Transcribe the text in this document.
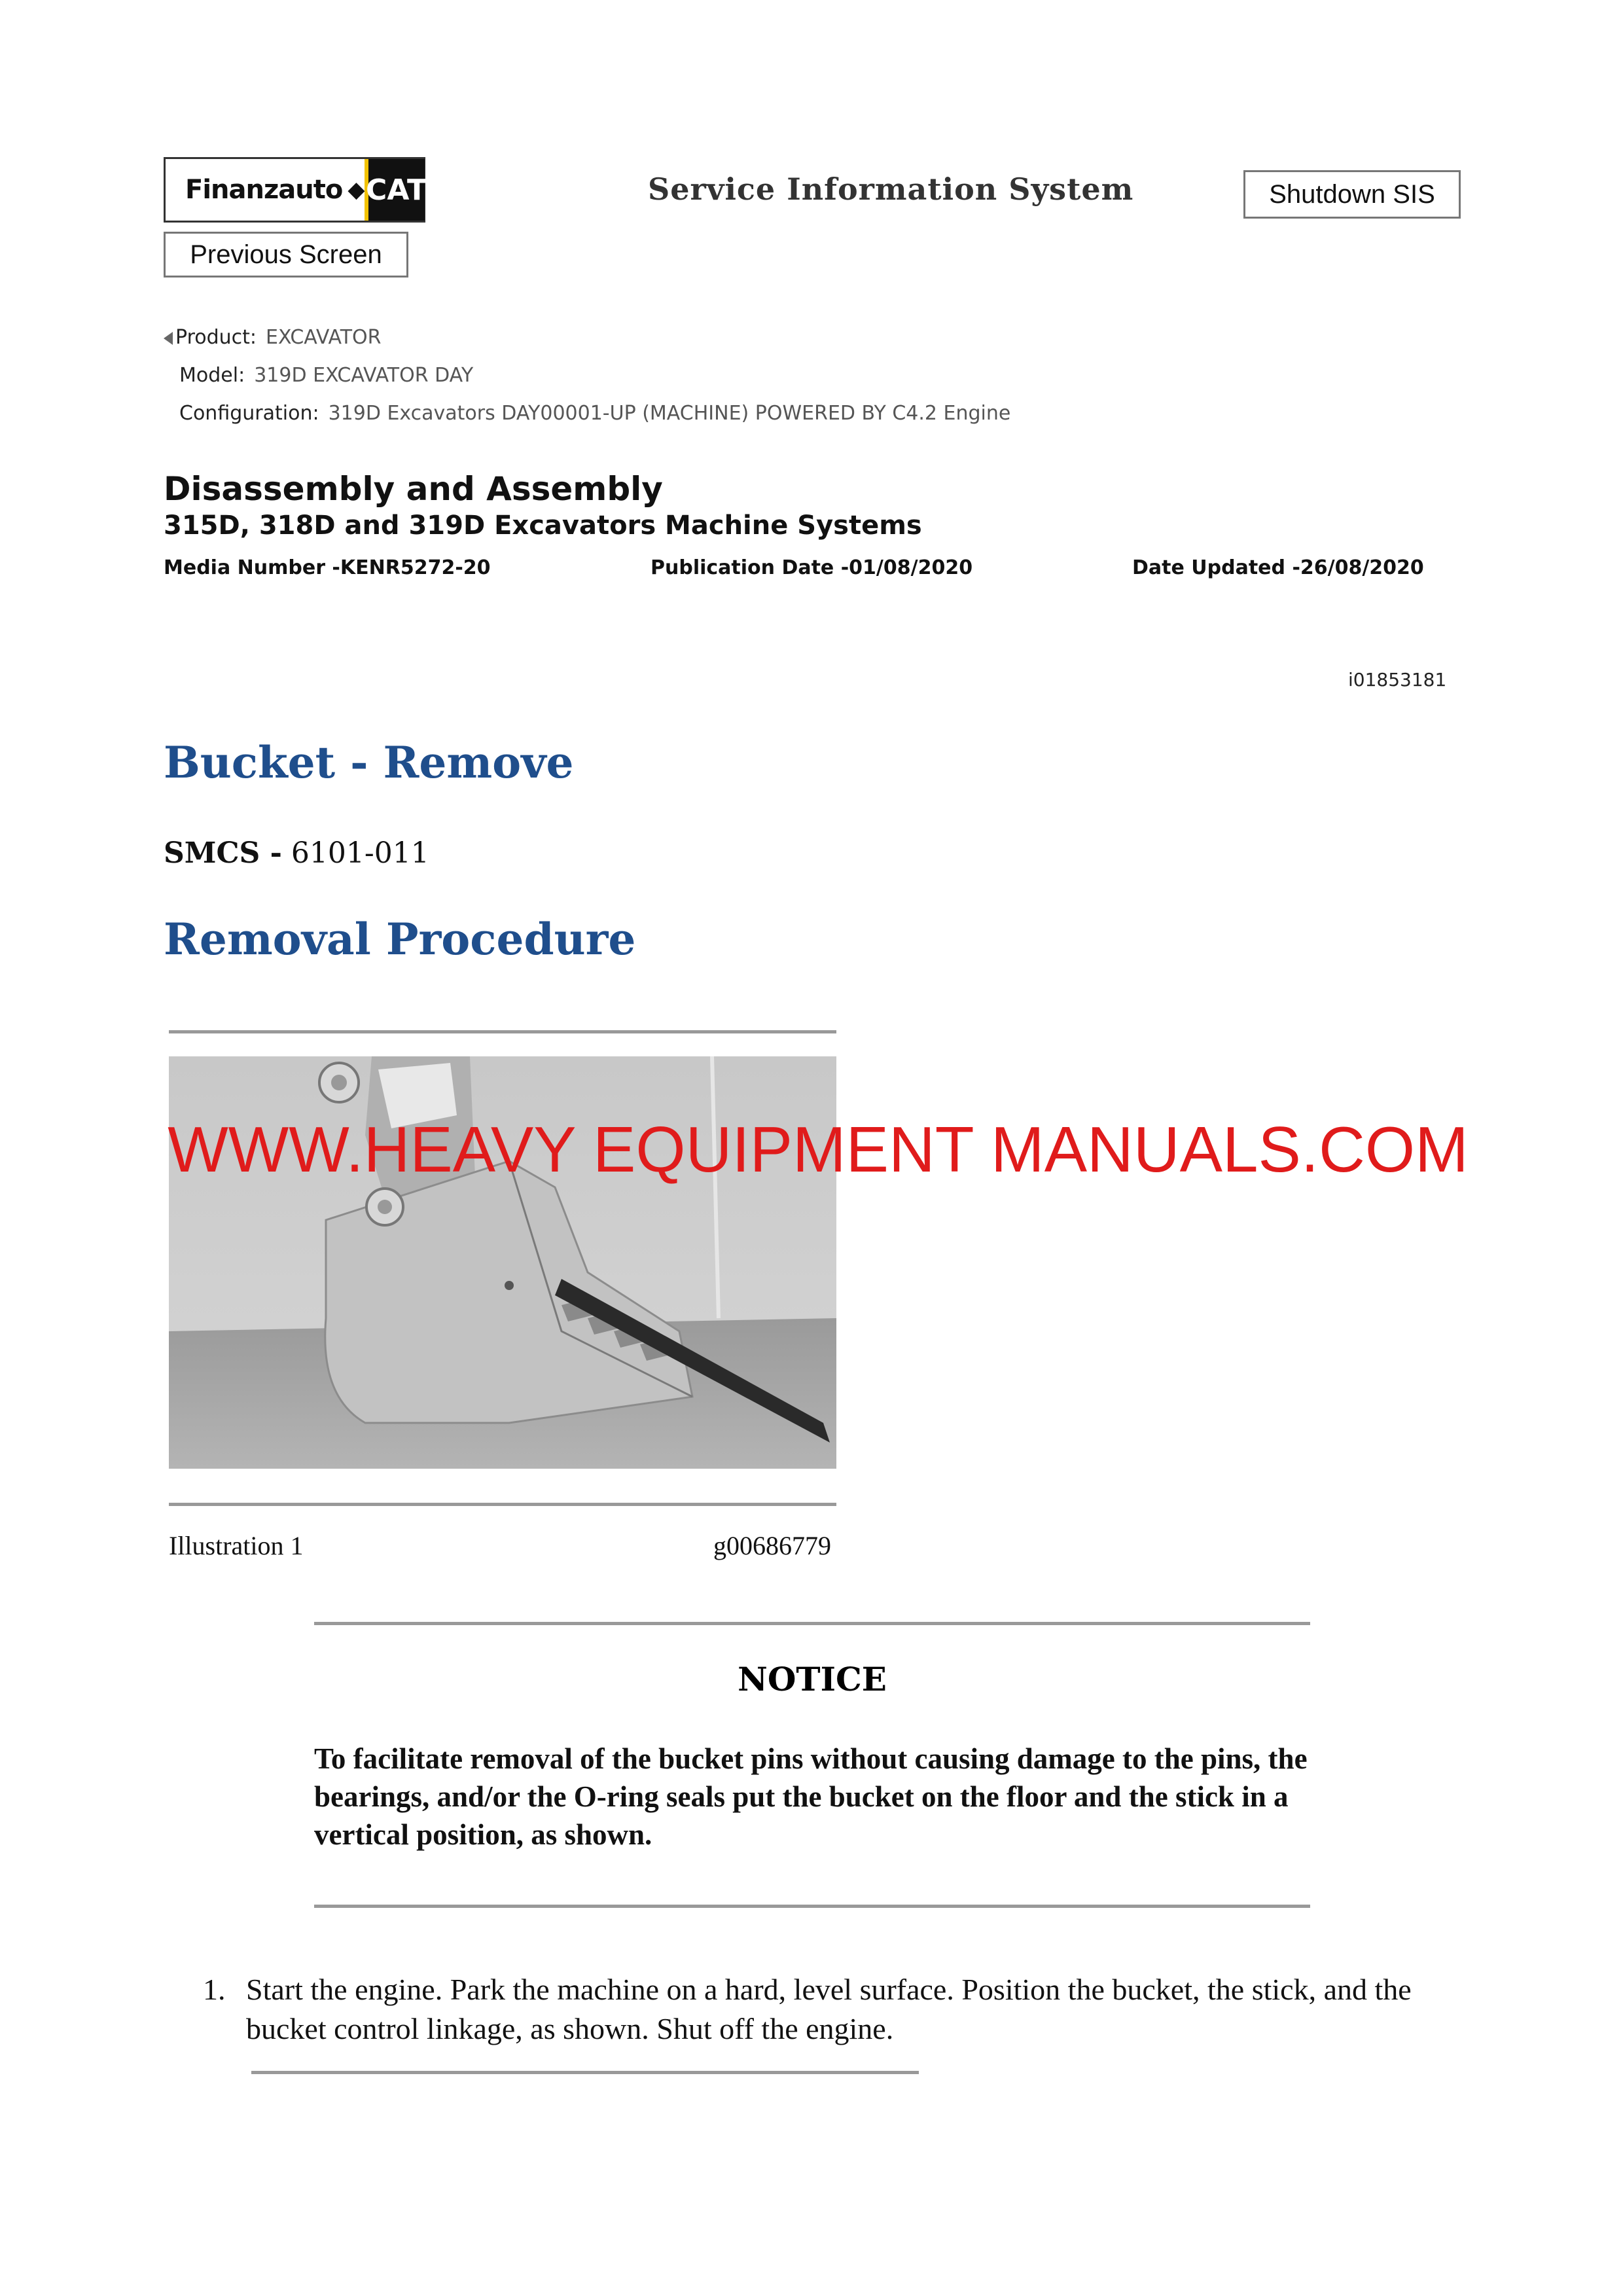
Finanzauto ◆ CAT	Service Information System	Shutdown SIS
Previous Screen
Product: EXCAVATOR
Model: 319D EXCAVATOR DAY
Configuration: 319D Excavators DAY00001-UP (MACHINE) POWERED BY C4.2 Engine
Disassembly and Assembly
315D, 318D and 319D Excavators Machine Systems
Media Number -KENR5272-20	Publication Date -01/08/2020	Date Updated -26/08/2020
i01853181
Bucket - Remove
SMCS - 6101-011
Removal Procedure
Illustration 1	g00686779
WWW.HEAVY EQUIPMENT MANUALS.COM
NOTICE
To facilitate removal of the bucket pins without causing damage to the pins, the bearings, and/or the O-ring seals put the bucket on the floor and the stick in a vertical position, as shown.
1. Start the engine. Park the machine on a hard, level surface. Position the bucket, the stick, and the bucket control linkage, as shown. Shut off the engine.
